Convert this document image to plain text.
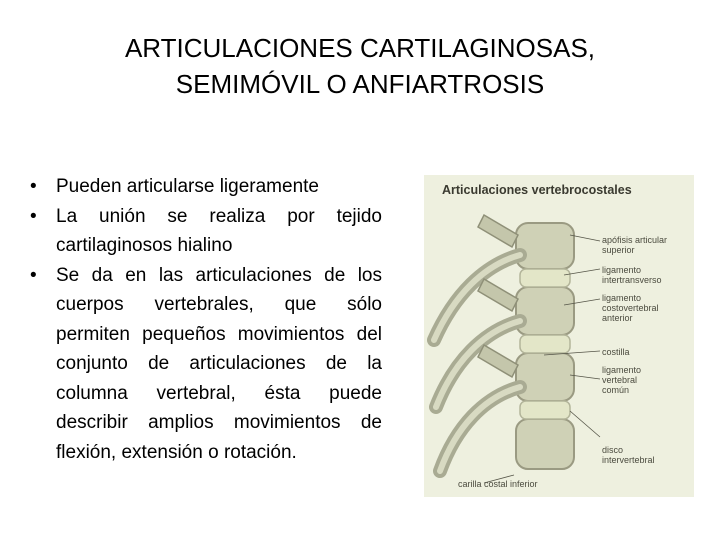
ARTICULACIONES CARTILAGINOSAS,
SEMIMÓVIL O ANFIARTROSIS
• Pueden articularse ligeramente
• La unión se realiza por tejido cartilaginosos hialino
• Se da en las articulaciones de los cuerpos vertebrales, que sólo permiten pequeños movimientos del conjunto de articulaciones de la columna vertebral, ésta puede describir amplios movimientos de flexión, extensión o rotación.
Articulaciones vertebrocostales
apófisis articular
superior
ligamento
intertransverso
ligamento
costovertebral
anterior
costilla
ligamento
vertebral
común
disco
intervertebral
carilla costal inferior
